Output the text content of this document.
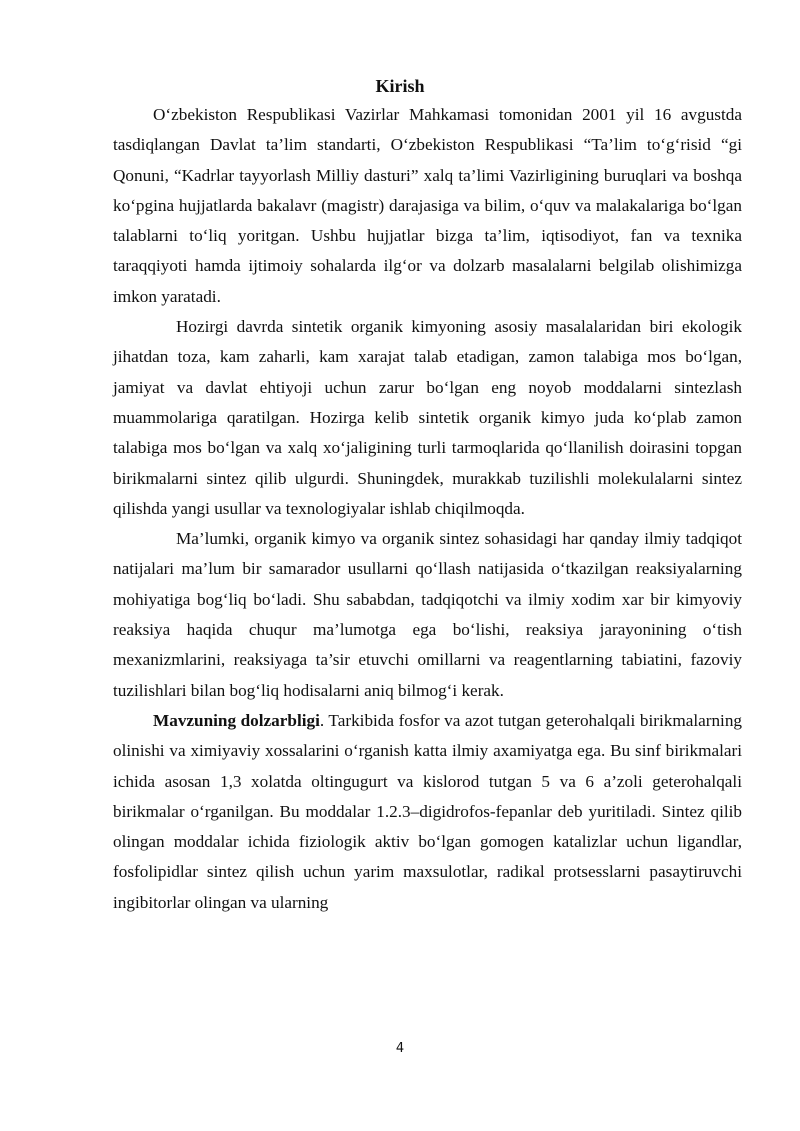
Kirish

O‘zbekiston Respublikasi Vazirlar Mahkamasi tomonidan 2001 yil 16 avgustda tasdiqlangan Davlat ta’lim standarti, O‘zbekiston Respublikasi “Ta’lim to‘g‘risid “gi Qonuni, “Kadrlar tayyorlash Milliy dasturi” xalq ta’limi Vazirligining buruqlari va boshqa ko‘pgina hujjatlarda bakalavr (magistr) darajasiga va bilim, o‘quv va malakalariga bo‘lgan talablarni to‘liq yoritgan. Ushbu hujjatlar bizga ta’lim, iqtisodiyot, fan va texnika taraqqiyoti hamda ijtimoiy sohalarda ilg‘or va dolzarb masalalarni belgilab olishimizga imkon yaratadi.

Hozirgi davrda sintetik organik kimyoning asosiy masalalaridan biri ekologik jihatdan toza, kam zaharli, kam xarajat talab etadigan, zamon talabiga mos bo‘lgan, jamiyat va davlat ehtiyoji uchun zarur bo‘lgan eng noyob moddalarni sintezlash muammolariga qaratilgan. Hozirga kelib sintetik organik kimyo juda ko‘plab zamon talabiga mos bo‘lgan va xalq xo‘jaligining turli tarmoqlarida qo‘llanilish doirasini topgan birikmalarni sintez qilib ulgurdi. Shuningdek, murakkab tuzilishli molekulalarni sintez qilishda yangi usullar va texnologiyalar ishlab chiqilmoqda.

Ma’lumki, organik kimyo va organik sintez sohasidagi har qanday ilmiy tadqiqot natijalari ma’lum bir samarador usullarni qo‘llash natijasida o‘tkazilgan reaksiyalarning mohiyatiga bog‘liq bo‘ladi. Shu sababdan, tadqiqotchi va ilmiy xodim xar bir kimyoviy reaksiya haqida chuqur ma’lumotga ega bo‘lishi, reaksiya jarayonining o‘tish mexanizmlarini, reaksiyaga ta’sir etuvchi omillarni va reagentlarning tabiatini, fazoviy tuzilishlari bilan bog‘liq hodisalarni aniq bilmog‘i kerak.

Mavzuning dolzarbligi. Tarkibida fosfor va azot tutgan geterohalqali birikmalarning olinishi va ximiyaviy xossalarini o‘rganish katta ilmiy axamiyatga ega. Bu sinf birikmalari ichida asosan 1,3 xolatda oltingugurt va kislorod tutgan 5 va 6 a’zoli geterohalqali birikmalar o‘rganilgan. Bu moddalar 1.2.3–digidrofos-fepanlar deb yuritiladi. Sintez qilib olingan moddalar ichida fiziologik aktiv bo‘lgan gomogen katalizlar uchun ligandlar, fosfolipidlar sintez qilish uchun yarim maxsulotlar, radikal protsesslarni pasaytiruvchi ingibitorlar olingan va ularning

4
